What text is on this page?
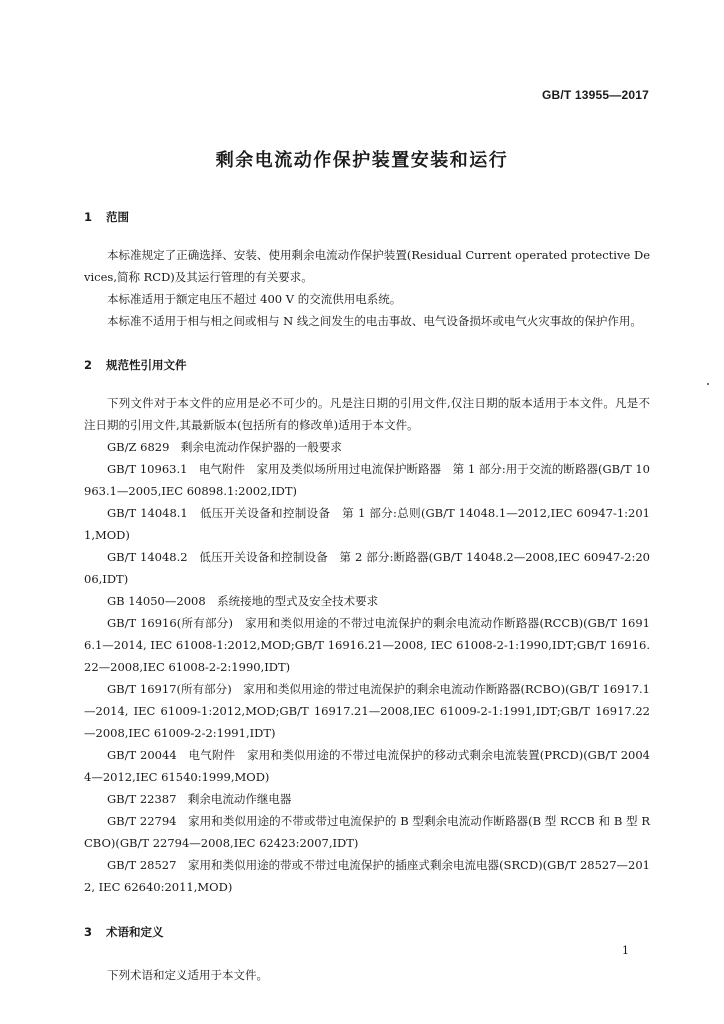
GB/T 13955—2017
剩余电流动作保护装置安装和运行
1 范围

本标准规定了正确选择、安装、使用剩余电流动作保护装置(Residual Current operated protective Devices,简称 RCD)及其运行管理的有关要求。

本标准适用于额定电压不超过 400 V 的交流供用电系统。

本标准不适用于相与相之间或相与 N 线之间发生的电击事故、电气设备损坏或电气火灾事故的保护作用。

2 规范性引用文件

下列文件对于本文件的应用是必不可少的。凡是注日期的引用文件,仅注日期的版本适用于本文件。凡是不注日期的引用文件,其最新版本(包括所有的修改单)适用于本文件。

GB/Z 6829　剩余电流动作保护器的一般要求

GB/T 10963.1　电气附件　家用及类似场所用过电流保护断路器　第 1 部分:用于交流的断路器(GB/T 10963.1—2005,IEC 60898.1:2002,IDT)

GB/T 14048.1　低压开关设备和控制设备　第 1 部分:总则(GB/T 14048.1—2012,IEC 60947-1:2011,MOD)

GB/T 14048.2　低压开关设备和控制设备　第 2 部分:断路器(GB/T 14048.2—2008,IEC 60947-2:2006,IDT)

GB 14050—2008　系统接地的型式及安全技术要求

GB/T 16916(所有部分)　家用和类似用途的不带过电流保护的剩余电流动作断路器(RCCB)(GB/T 16916.1—2014, IEC 61008-1:2012,MOD;GB/T 16916.21—2008, IEC 61008-2-1:1990,IDT;GB/T 16916.22—2008,IEC 61008-2-2:1990,IDT)

GB/T 16917(所有部分)　家用和类似用途的带过电流保护的剩余电流动作断路器(RCBO)(GB/T 16917.1—2014, IEC 61009-1:2012,MOD;GB/T 16917.21—2008,IEC 61009-2-1:1991,IDT;GB/T 16917.22—2008,IEC 61009-2-2:1991,IDT)

GB/T 20044　电气附件　家用和类似用途的不带过电流保护的移动式剩余电流装置(PRCD)(GB/T 20044—2012,IEC 61540:1999,MOD)

GB/T 22387　剩余电流动作继电器

GB/T 22794　家用和类似用途的不带或带过电流保护的 B 型剩余电流动作断路器(B 型 RCCB 和 B 型 RCBO)(GB/T 22794—2008,IEC 62423:2007,IDT)

GB/T 28527　家用和类似用途的带或不带过电流保护的插座式剩余电流电器(SRCD)(GB/T 28527—2012, IEC 62640:2011,MOD)

3 术语和定义

下列术语和定义适用于本文件。

1
